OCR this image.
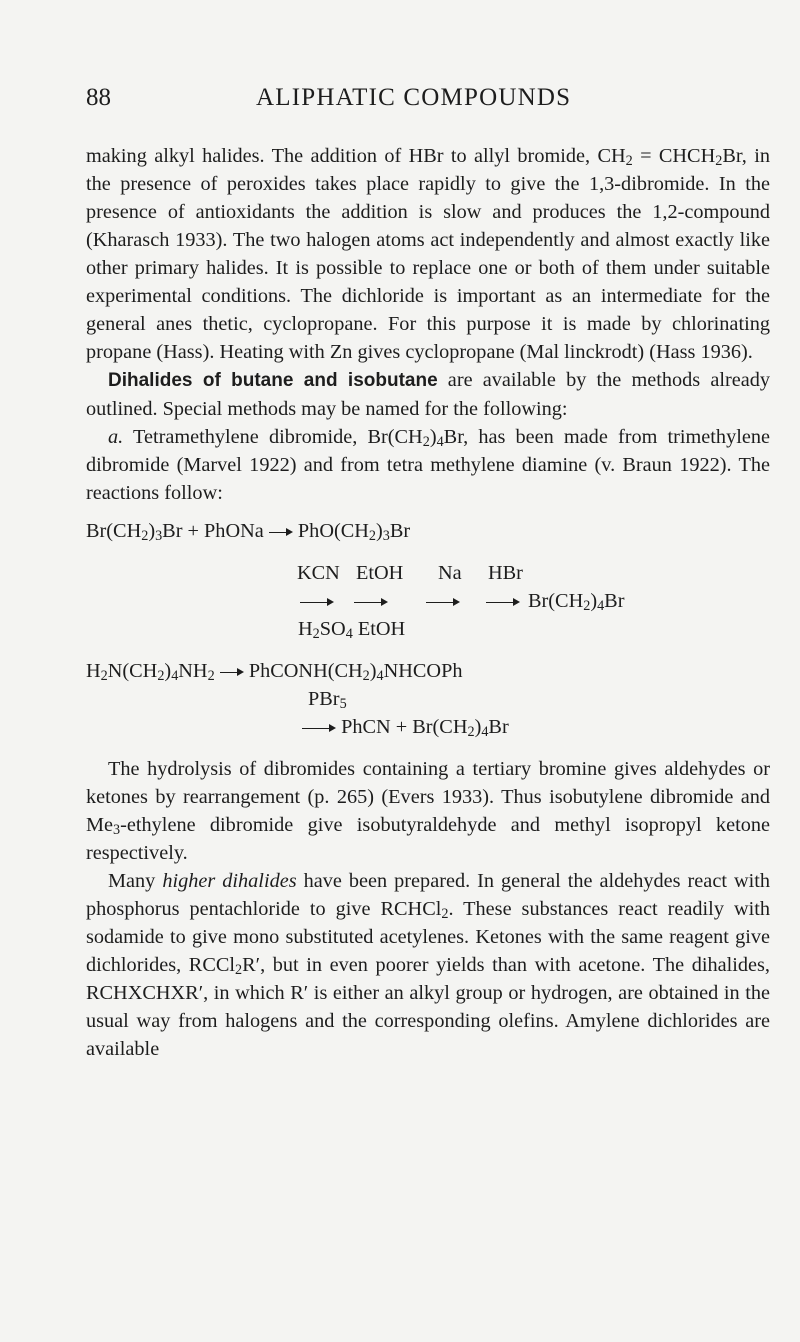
88	ALIPHATIC COMPOUNDS

making alkyl halides. The addition of HBr to allyl bromide, $CH_2$ = $CHCH_2Br$, in the presence of peroxides takes place rapidly to give the 1,3-dibromide. In the presence of antioxidants the addition is slow and produces the 1,2-compound (Kharasch 1933). The two halogen atoms act independently and almost exactly like other primary halides. It is possible to replace one or both of them under suitable experimental conditions. The dichloride is important as an intermediate for the general anes thetic, cyclopropane. For this purpose it is made by chlorinating propane (Hass). Heating with Zn gives cyclopropane (Mal linckrodt) (Hass 1936).

Dihalides of butane and isobutane are available by the methods already outlined. Special methods may be named for the following:

a. Tetramethylene dibromide, $Br(CH_2)_4Br$, has been made from trimethylene dibromide (Marvel 1922) and from tetra methylene diamine (v. Braun 1922). The reactions follow:

$Br(CH_2)_3Br$ + PhONa  $PhO(CH_2)_3Br$
KCN EtOH Na HBr
$Br(CH_2)_4Br$
$H_2SO_4$ EtOH
$H_2N(CH_2)_4NH_2$ $PhCONH(CH_2)_4NHCOPh$
PBr$_5$
PhCN + $Br(CH_2)_4Br$

The hydrolysis of dibromides containing a tertiary bromine gives aldehydes or ketones by rearrangement (p. 265) (Evers 1933). Thus isobutylene dibromide and $Me_3$-ethylene dibromide give isobutyraldehyde and methyl isopropyl ketone respectively.

Many higher dihalides have been prepared. In general the aldehydes react with phosphorus pentachloride to give RCHCl$_2$. These substances react readily with sodamide to give mono substituted acetylenes. Ketones with the same reagent give dichlorides, RCCl$_2$R′, but in even poorer yields than with acetone. The dihalides, RCHXCHXR′, in which R′ is either an alkyl group or hydrogen, are obtained in the usual way from halogens and the corresponding olefins. Amylene dichlorides are available
